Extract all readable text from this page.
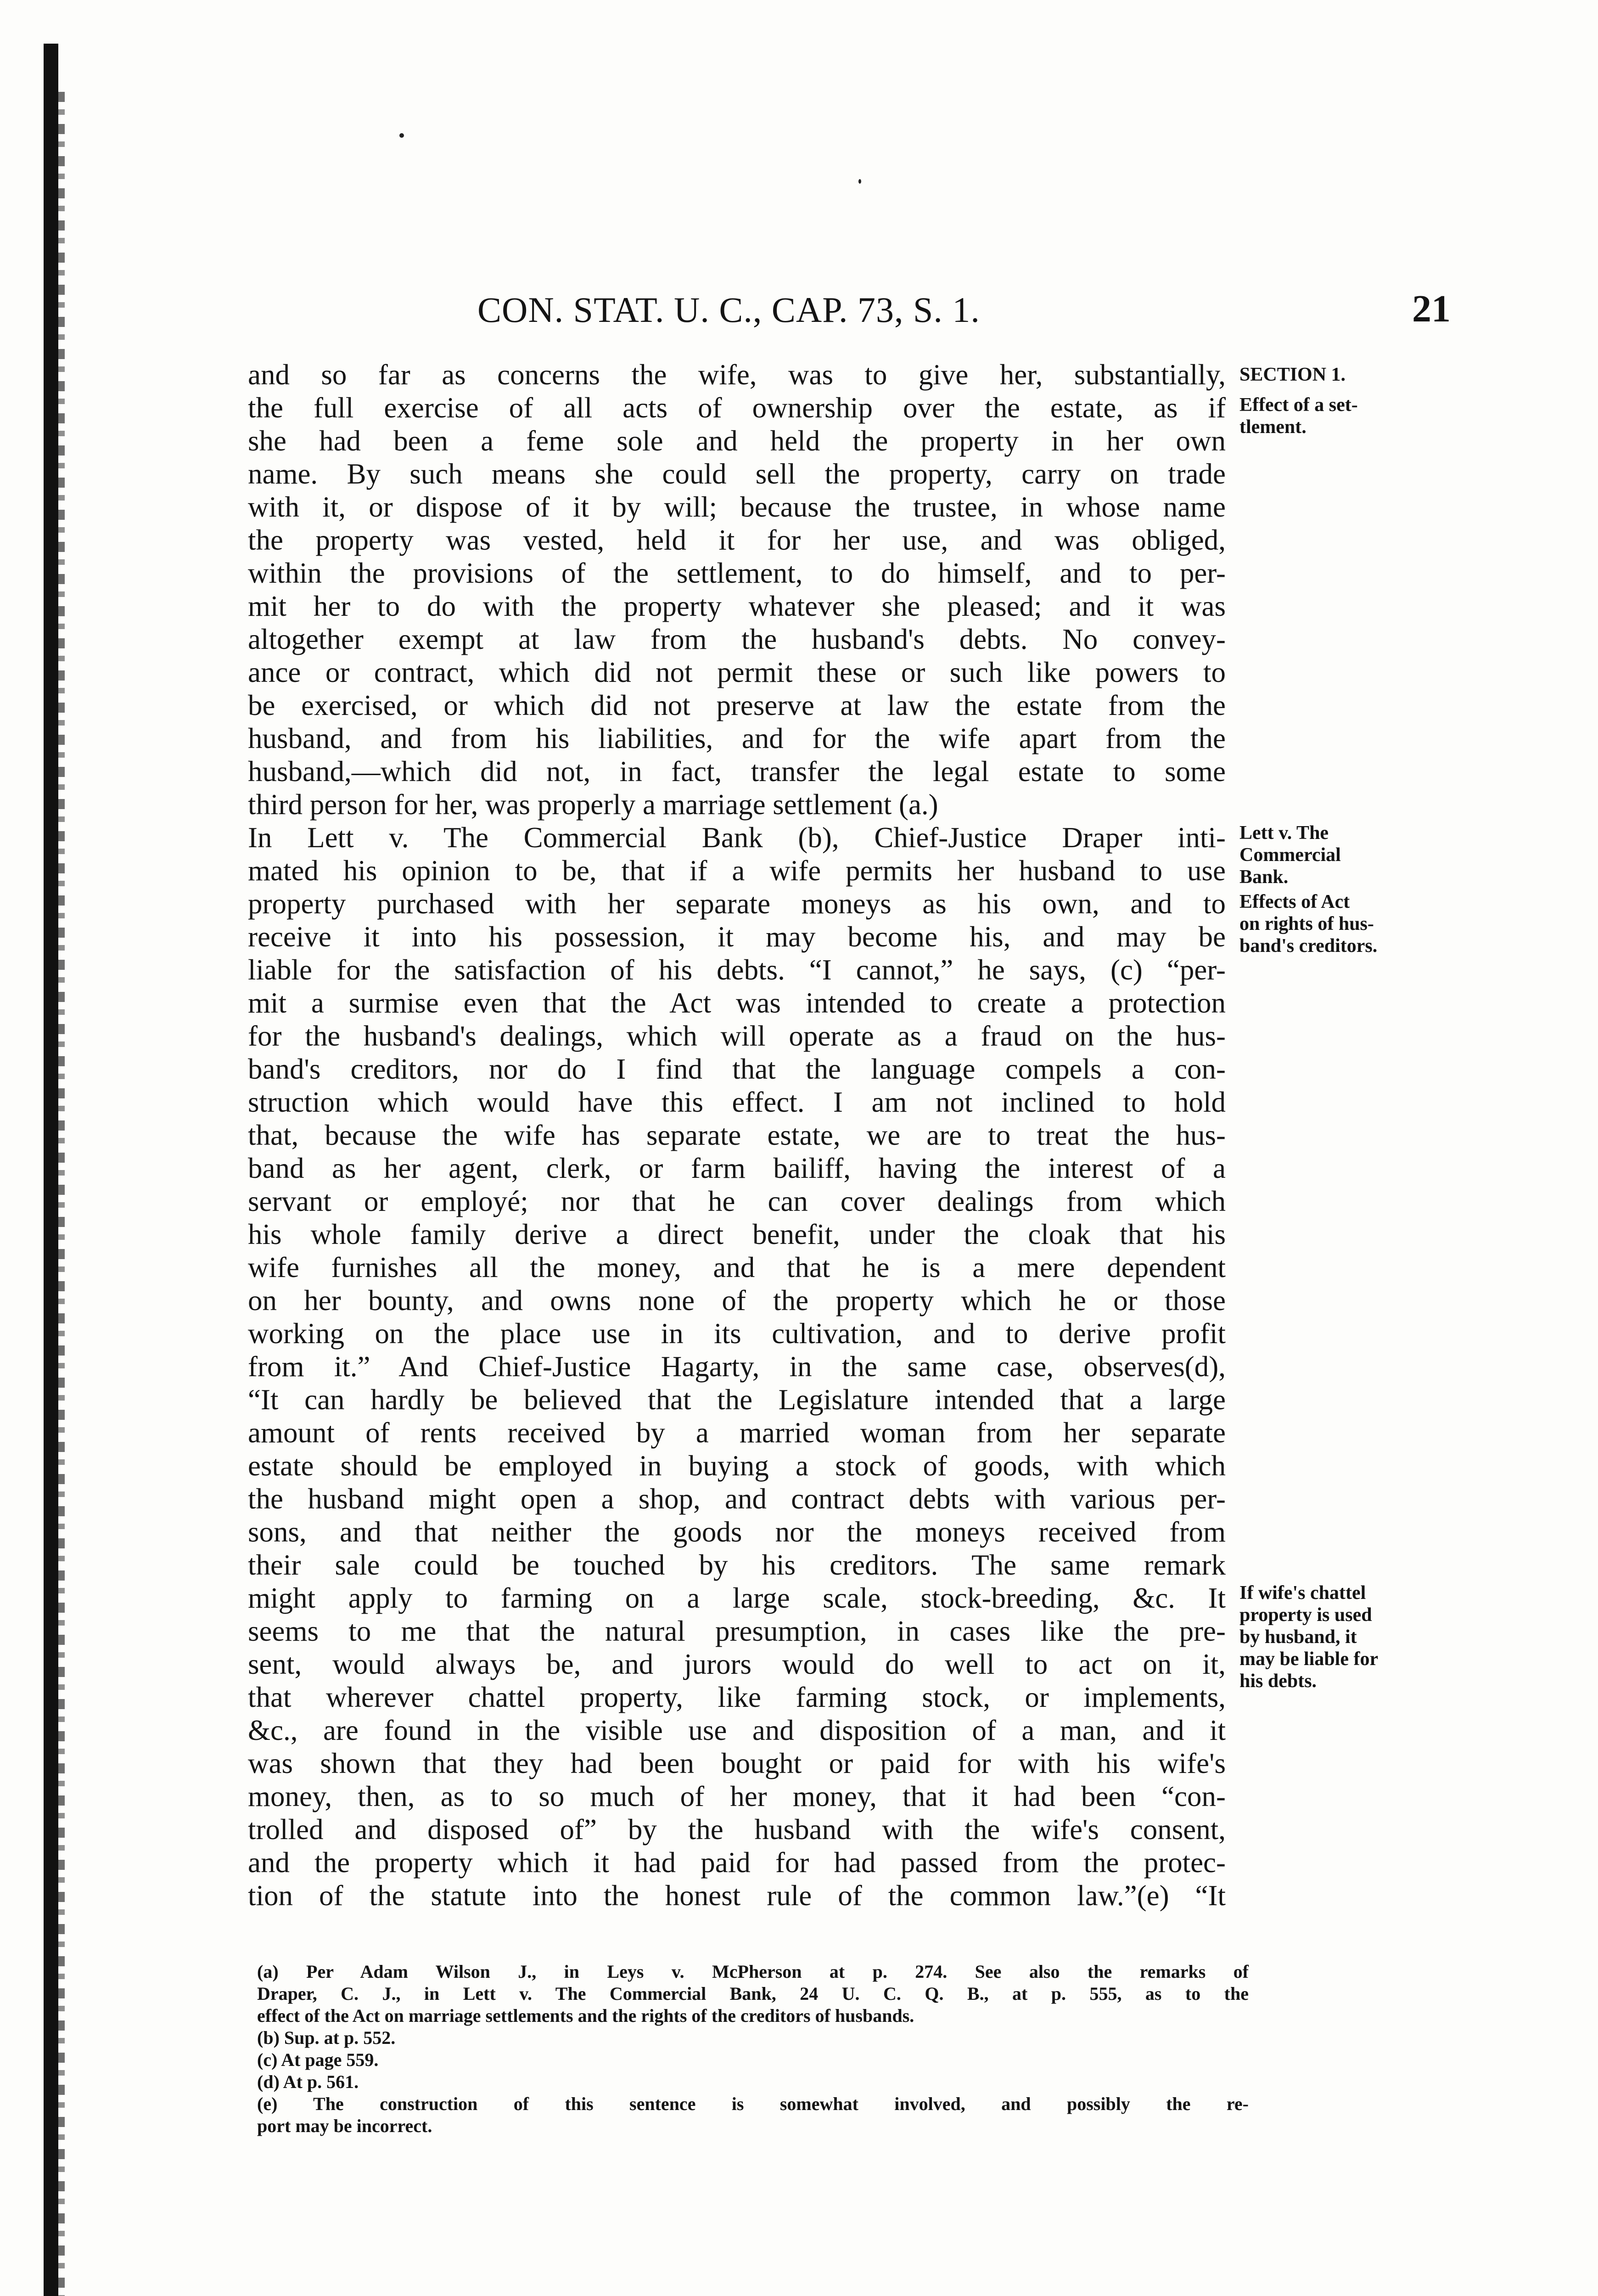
CON. STAT. U. C., CAP. 73, S. 1.	21
and so far as concerns the wife, was to give her, substantially,
the full exercise of all acts of ownership over the estate, as if
she had been a feme sole and held the property in her own
name. By such means she could sell the property, carry on trade
with it, or dispose of it by will; because the trustee, in whose name
the property was vested, held it for her use, and was obliged,
within the provisions of the settlement, to do himself, and to per-
mit her to do with the property whatever she pleased; and it was
altogether exempt at law from the husband's debts. No convey-
ance or contract, which did not permit these or such like powers to
be exercised, or which did not preserve at law the estate from the
husband, and from his liabilities, and for the wife apart from the
husband,—which did not, in fact, transfer the legal estate to some
third person for her, was properly a marriage settlement (a.)
In Lett v. The Commercial Bank (b), Chief-Justice Draper inti-
mated his opinion to be, that if a wife permits her husband to use
property purchased with her separate moneys as his own, and to
receive it into his possession, it may become his, and may be
liable for the satisfaction of his debts. “I cannot,” he says, (c) “per-
mit a surmise even that the Act was intended to create a protection
for the husband's dealings, which will operate as a fraud on the hus-
band's creditors, nor do I find that the language compels a con-
struction which would have this effect. I am not inclined to hold
that, because the wife has separate estate, we are to treat the hus-
band as her agent, clerk, or farm bailiff, having the interest of a
servant or employé; nor that he can cover dealings from which
his whole family derive a direct benefit, under the cloak that his
wife furnishes all the money, and that he is a mere dependent
on her bounty, and owns none of the property which he or those
working on the place use in its cultivation, and to derive profit
from it.” And Chief-Justice Hagarty, in the same case, observes(d),
“It can hardly be believed that the Legislature intended that a large
amount of rents received by a married woman from her separate
estate should be employed in buying a stock of goods, with which
the husband might open a shop, and contract debts with various per-
sons, and that neither the goods nor the moneys received from
their sale could be touched by his creditors. The same remark
might apply to farming on a large scale, stock-breeding, &c. It
seems to me that the natural presumption, in cases like the pre-
sent, would always be, and jurors would do well to act on it,
that wherever chattel property, like farming stock, or implements,
&c., are found in the visible use and disposition of a man, and it
was shown that they had been bought or paid for with his wife's
money, then, as to so much of her money, that it had been “con-
trolled and disposed of” by the husband with the wife's consent,
and the property which it had paid for had passed from the protec-
tion of the statute into the honest rule of the common law.”(e) “It
SECTION 1.
Effect of a set-
tlement.
Lett v. The
Commercial
Bank.
Effects of Act
on rights of hus-
band's creditors.
If wife's chattel
property is used
by husband, it
may be liable for
his debts.
(a) Per Adam Wilson J., in Leys v. McPherson at p. 274. See also the remarks of
Draper, C. J., in Lett v. The Commercial Bank, 24 U. C. Q. B., at p. 555, as to the
effect of the Act on marriage settlements and the rights of the creditors of husbands.
(b) Sup. at p. 552.
(c) At page 559.
(d) At p. 561.
(e) The construction of this sentence is somewhat involved, and possibly the re-
port may be incorrect.
